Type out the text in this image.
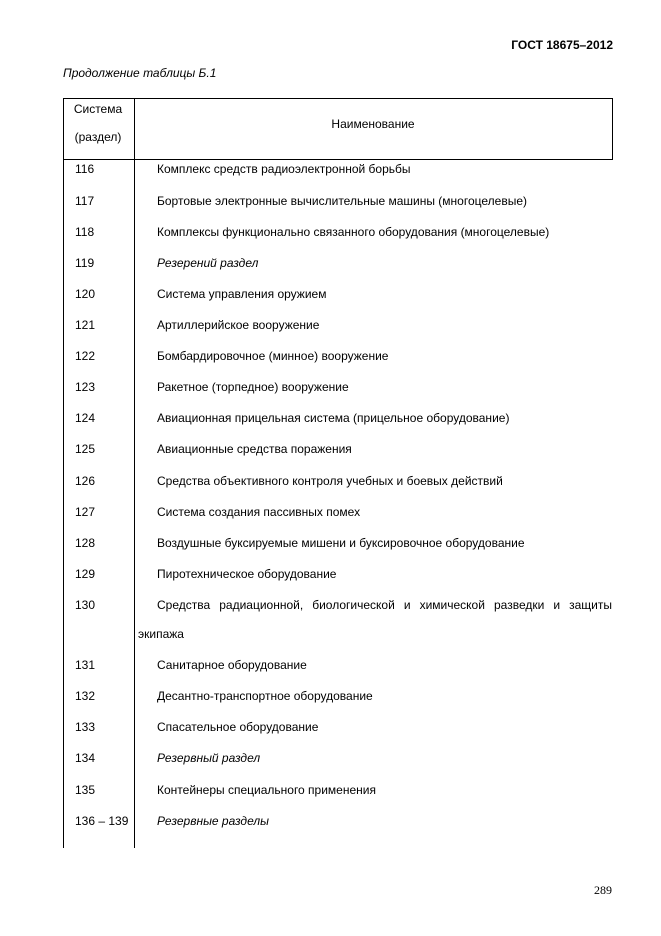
ГОСТ 18675–2012
Продолжение таблицы Б.1
Система
(раздел)
Наименование
116	Комплекс средств радиоэлектронной борьбы
117	Бортовые электронные вычислительные машины (многоцелевые)
118	Комплексы функционально связанного оборудования (многоцелевые)
119	Резерений раздел
120	Система управления оружием
121	Артиллерийское вооружение
122	Бомбардировочное (минное) вооружение
123	Ракетное (торпедное) вооружение
124	Авиационная прицельная система (прицельное оборудование)
125	Авиационные средства поражения
126	Средства объективного контроля учебных и боевых действий
127	Система создания пассивных помех
128	Воздушные буксируемые мишени и буксировочное оборудование
129	Пиротехническое оборудование
130	Средства радиационной, биологической и химической разведки и защиты
экипажа
131	Санитарное оборудование
132	Десантно-транспортное оборудование
133	Спасательное оборудование
134	Резервный раздел
135	Контейнеры специального применения
136 – 139 Резервные разделы
289
